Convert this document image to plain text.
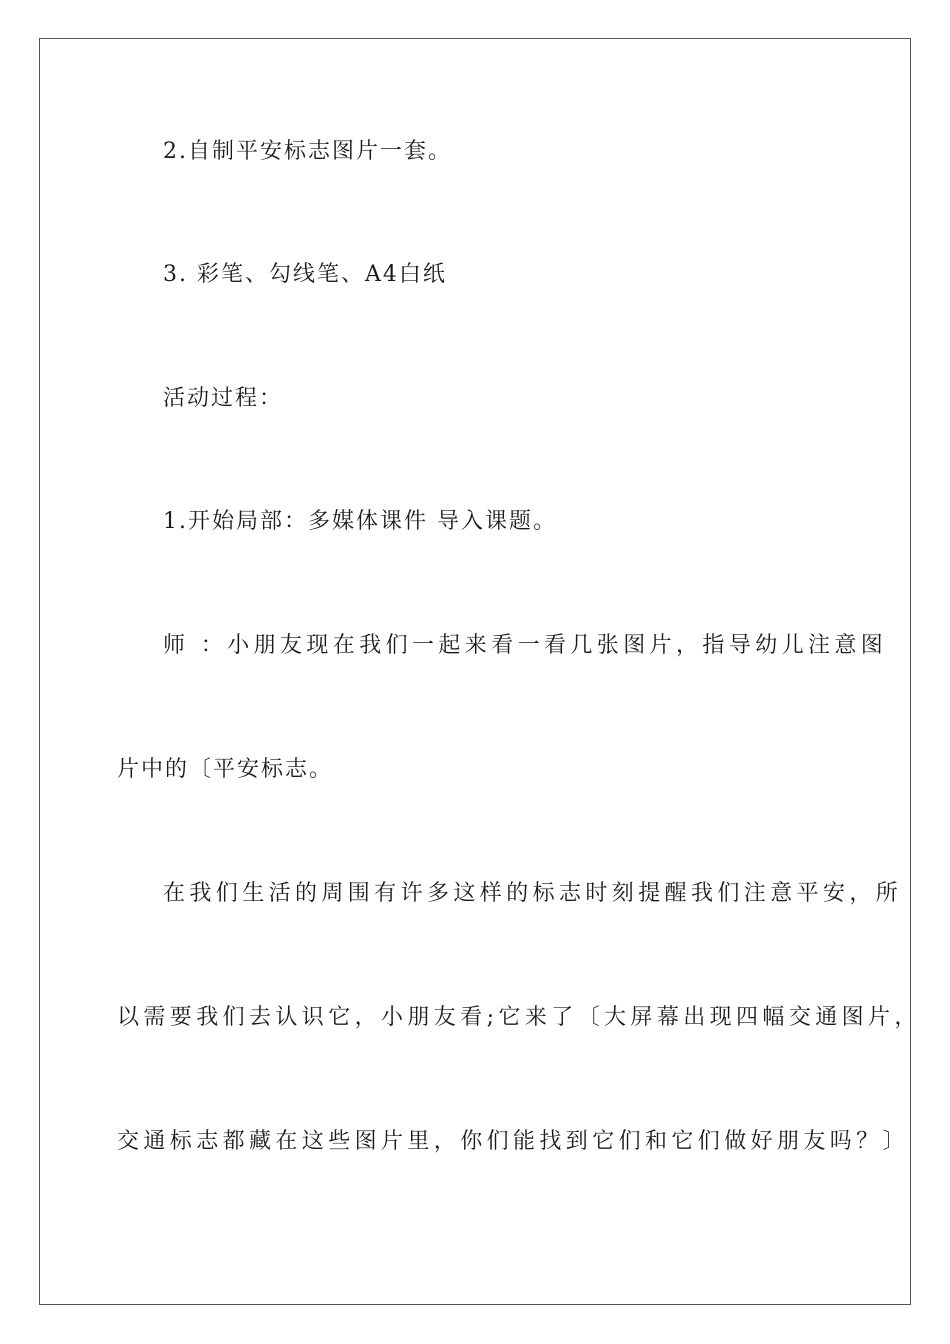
2.自制平安标志图片一套。
3. 彩笔、勾线笔、A4白纸
活动过程：
1.开始局部：多媒体课件 导入课题。
师 ：小朋友现在我们一起来看一看几张图片，指导幼儿注意图
片中的〔平安标志。
在我们生活的周围有许多这样的标志时刻提醒我们注意平安，所
以需要我们去认识它，小朋友看;它来了〔大屏幕出现四幅交通图片，
交通标志都藏在这些图片里，你们能找到它们和它们做好朋友吗？〕
